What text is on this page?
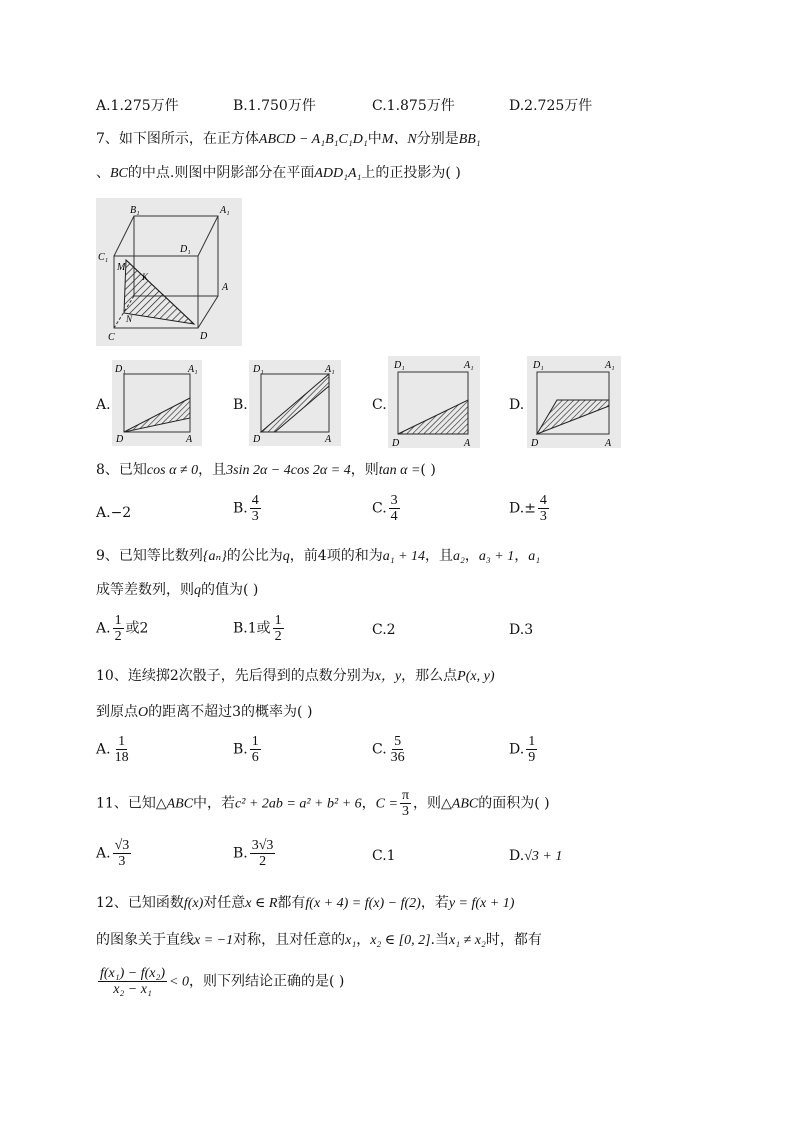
A.1.275万件	B.1.750万件	C.1.875万件	D.2.725万件
7、如下图所示，在正方体ABCD − A₁B₁C₁D₁中M、N分别是BB₁
、BC的中点.则图中阴影部分在平面ADD₁A₁上的正投影为( )
B₁	A₁
C₁
D₁
M
K
A
C
N
D
A.	B.	C.	D.
D₁	A₁
D	A
D₁	A₁
D	A
D₁	A₁
D	A
D₁	A₁
D	A
8、已知cos α ≠ 0，且3sin 2α − 4cos 2α = 4，则tan α =( )
A.−2	B. $\frac{4}{3}$	C. $\frac{3}{4}$	$D.\pm \frac{4}{3}$
9、已知等比数列{aₙ}的公比为q，前4项的和为a₁ + 14，且a₂，a₃ + 1，a₁
成等差数列，则q的值为( )
A. $\frac{1}{2}$ 或2	B.1或 $\frac{1}{2}$	C.2	D.3
10、连续掷2次骰子，先后得到的点数分别为x，y，那么点P(x, y)
到原点O的距离不超过3的概率为( )
A. $\frac{1}{18}$	B. $\frac{1}{6}$	C. $\frac{5}{36}$	D. $\frac{1}{9}$
11、已知△ABC中，若c² + 2ab = a² + b² + 6，$C = \frac{\pi}{3}$ ，则△ABC的面积为( )
A. $\frac{√3}{3}$	B. $\frac{3√3}{2}$	C.1	D.√3 + 1
12、已知函数f(x)对任意x ∈ R都有f(x + 4) = f(x) − f(2)，若y = f(x + 1)
的图象关于直线x = −1对称，且对任意的x₁，x₂ ∈ [0, 2].当x₁ ≠ x₂时，都有
$\frac{\text{f(x₁) − f(x₂)}}{\text{x₂ − x₁}} < 0$，则下列结论正确的是( )
